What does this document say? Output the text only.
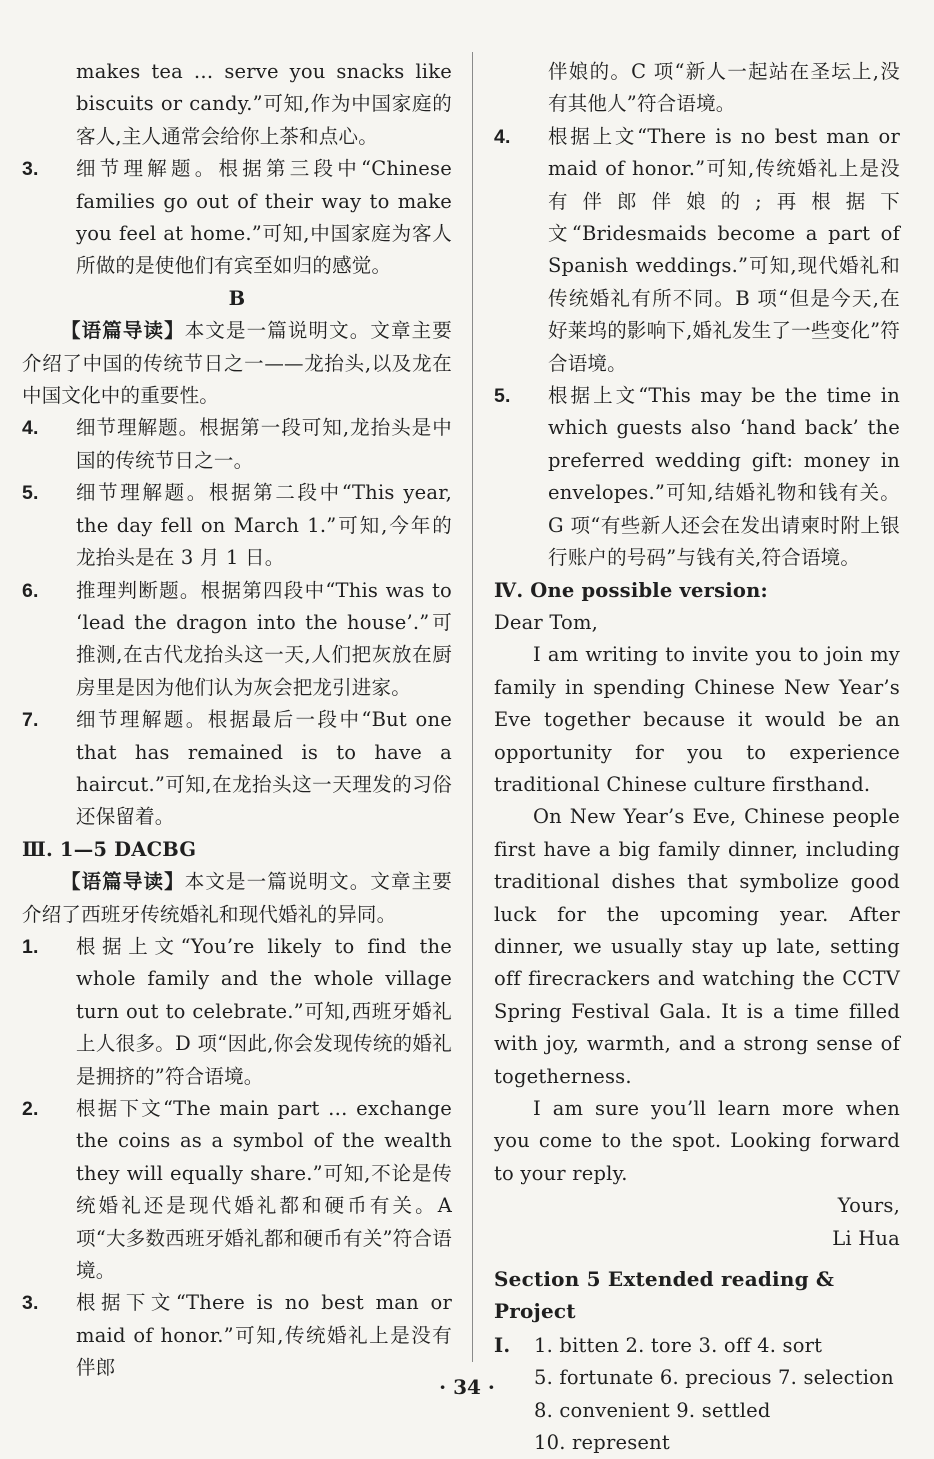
makes tea … serve you snacks like biscuits or candy.”可知,作为中国家庭的客人,主人通常会给你上茶和点心。
3.	细节理解题。根据第三段中“Chinese families go out of their way to make you feel at home.”可知,中国家庭为客人所做的是使他们有宾至如归的感觉。
B
【语篇导读】本文是一篇说明文。文章主要介绍了中国的传统节日之一——龙抬头,以及龙在中国文化中的重要性。
4.	细节理解题。根据第一段可知,龙抬头是中国的传统节日之一。
5.	细节理解题。根据第二段中“This year, the day fell on March 1.”可知,今年的龙抬头是在 3 月 1 日。
6.	推理判断题。根据第四段中“This was to ‘lead the dragon into the house’.”可推测,在古代龙抬头这一天,人们把灰放在厨房里是因为他们认为灰会把龙引进家。
7.	细节理解题。根据最后一段中“But one that has remained is to have a haircut.”可知,在龙抬头这一天理发的习俗还保留着。
Ⅲ. 1—5 DACBG
【语篇导读】本文是一篇说明文。文章主要介绍了西班牙传统婚礼和现代婚礼的异同。
1.	根据上文“You’re likely to find the whole family and the whole village turn out to celebrate.”可知,西班牙婚礼上人很多。D 项“因此,你会发现传统的婚礼是拥挤的”符合语境。
2.	根据下文“The main part … exchange the coins as a symbol of the wealth they will equally share.”可知,不论是传统婚礼还是现代婚礼都和硬币有关。A 项“大多数西班牙婚礼都和硬币有关”符合语境。
3.	根据下文“There is no best man or maid of honor.”可知,传统婚礼上是没有伴郎
伴娘的。C 项“新人一起站在圣坛上,没有其他人”符合语境。
4.	根据上文“There is no best man or maid of honor.”可知,传统婚礼上是没有伴郎伴娘的;再根据下文“Bridesmaids become a part of Spanish weddings.”可知,现代婚礼和传统婚礼有所不同。B 项“但是今天,在好莱坞的影响下,婚礼发生了一些变化”符合语境。
5.	根据上文“This may be the time in which guests also ‘hand back’ the preferred wedding gift: money in envelopes.”可知,结婚礼物和钱有关。G 项“有些新人还会在发出请柬时附上银行账户的号码”与钱有关,符合语境。
Ⅳ. One possible version:
Dear Tom,
I am writing to invite you to join my family in spending Chinese New Year’s Eve together because it would be an opportunity for you to experience traditional Chinese culture firsthand.
On New Year’s Eve, Chinese people first have a big family dinner, including traditional dishes that symbolize good luck for the upcoming year. After dinner, we usually stay up late, setting off firecrackers and watching the CCTV Spring Festival Gala. It is a time filled with joy, warmth, and a strong sense of togetherness.
I am sure you’ll learn more when you come to the spot. Looking forward to your reply.
Yours,
Li Hua
Section 5 Extended reading & Project
Ⅰ.	1. bitten 2. tore 3. off 4. sort
5. fortunate 6. precious 7. selection
8. convenient 9. settled
10. represent
· 34 ·
